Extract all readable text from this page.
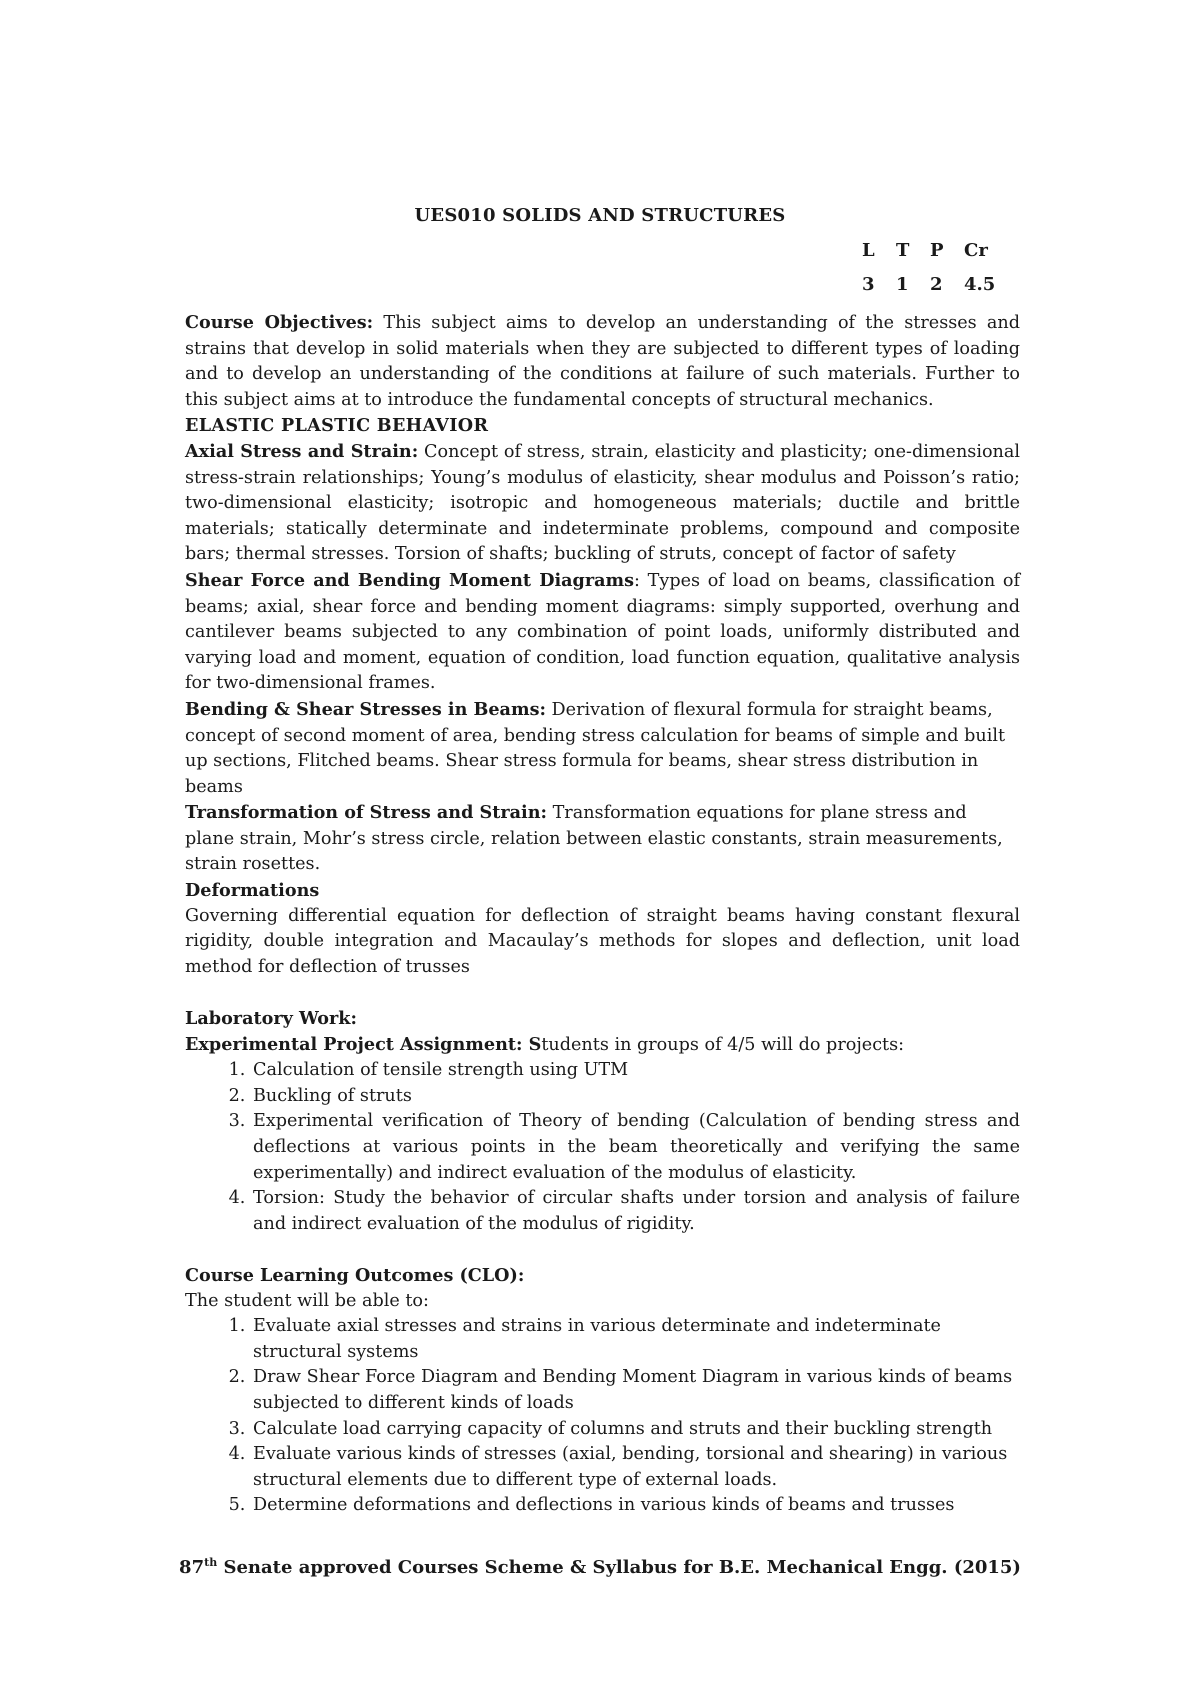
UES010 SOLIDS AND STRUCTURES
L T P Cr
3 1 2 4.5

Course Objectives: This subject aims to develop an understanding of the stresses and strains that develop in solid materials when they are subjected to different types of loading and to develop an understanding of the conditions at failure of such materials. Further to this subject aims at to introduce the fundamental concepts of structural mechanics.

ELASTIC PLASTIC BEHAVIOR

Axial Stress and Strain: Concept of stress, strain, elasticity and plasticity; one-dimensional stress-strain relationships; Young’s modulus of elasticity, shear modulus and Poisson’s ratio; two-dimensional elasticity; isotropic and homogeneous materials; ductile and brittle materials; statically determinate and indeterminate problems, compound and composite bars; thermal stresses. Torsion of shafts; buckling of struts, concept of factor of safety

Shear Force and Bending Moment Diagrams: Types of load on beams, classification of beams; axial, shear force and bending moment diagrams: simply supported, overhung and cantilever beams subjected to any combination of point loads, uniformly distributed and varying load and moment, equation of condition, load function equation, qualitative analysis for two-dimensional frames.

Bending & Shear Stresses in Beams: Derivation of flexural formula for straight beams, concept of second moment of area, bending stress calculation for beams of simple and built up sections, Flitched beams. Shear stress formula for beams, shear stress distribution in beams

Transformation of Stress and Strain: Transformation equations for plane stress and plane strain, Mohr’s stress circle, relation between elastic constants, strain measurements, strain rosettes.

Deformations

Governing differential equation for deflection of straight beams having constant flexural rigidity, double integration and Macaulay’s methods for slopes and deflection, unit load method for deflection of trusses

Laboratory Work:

Experimental Project Assignment: Students in groups of 4/5 will do projects:

1. Calculation of tensile strength using UTM
2. Buckling of struts
3. Experimental verification of Theory of bending (Calculation of bending stress and deflections at various points in the beam theoretically and verifying the same experimentally) and indirect evaluation of the modulus of elasticity.
4. Torsion: Study the behavior of circular shafts under torsion and analysis of failure and indirect evaluation of the modulus of rigidity.

Course Learning Outcomes (CLO):

The student will be able to:

1. Evaluate axial stresses and strains in various determinate and indeterminate structural systems
2. Draw Shear Force Diagram and Bending Moment Diagram in various kinds of beams subjected to different kinds of loads
3. Calculate load carrying capacity of columns and struts and their buckling strength
4. Evaluate various kinds of stresses (axial, bending, torsional and shearing) in various structural elements due to different type of external loads.
5. Determine deformations and deflections in various kinds of beams and trusses
87th Senate approved Courses Scheme & Syllabus for B.E. Mechanical Engg. (2015)
